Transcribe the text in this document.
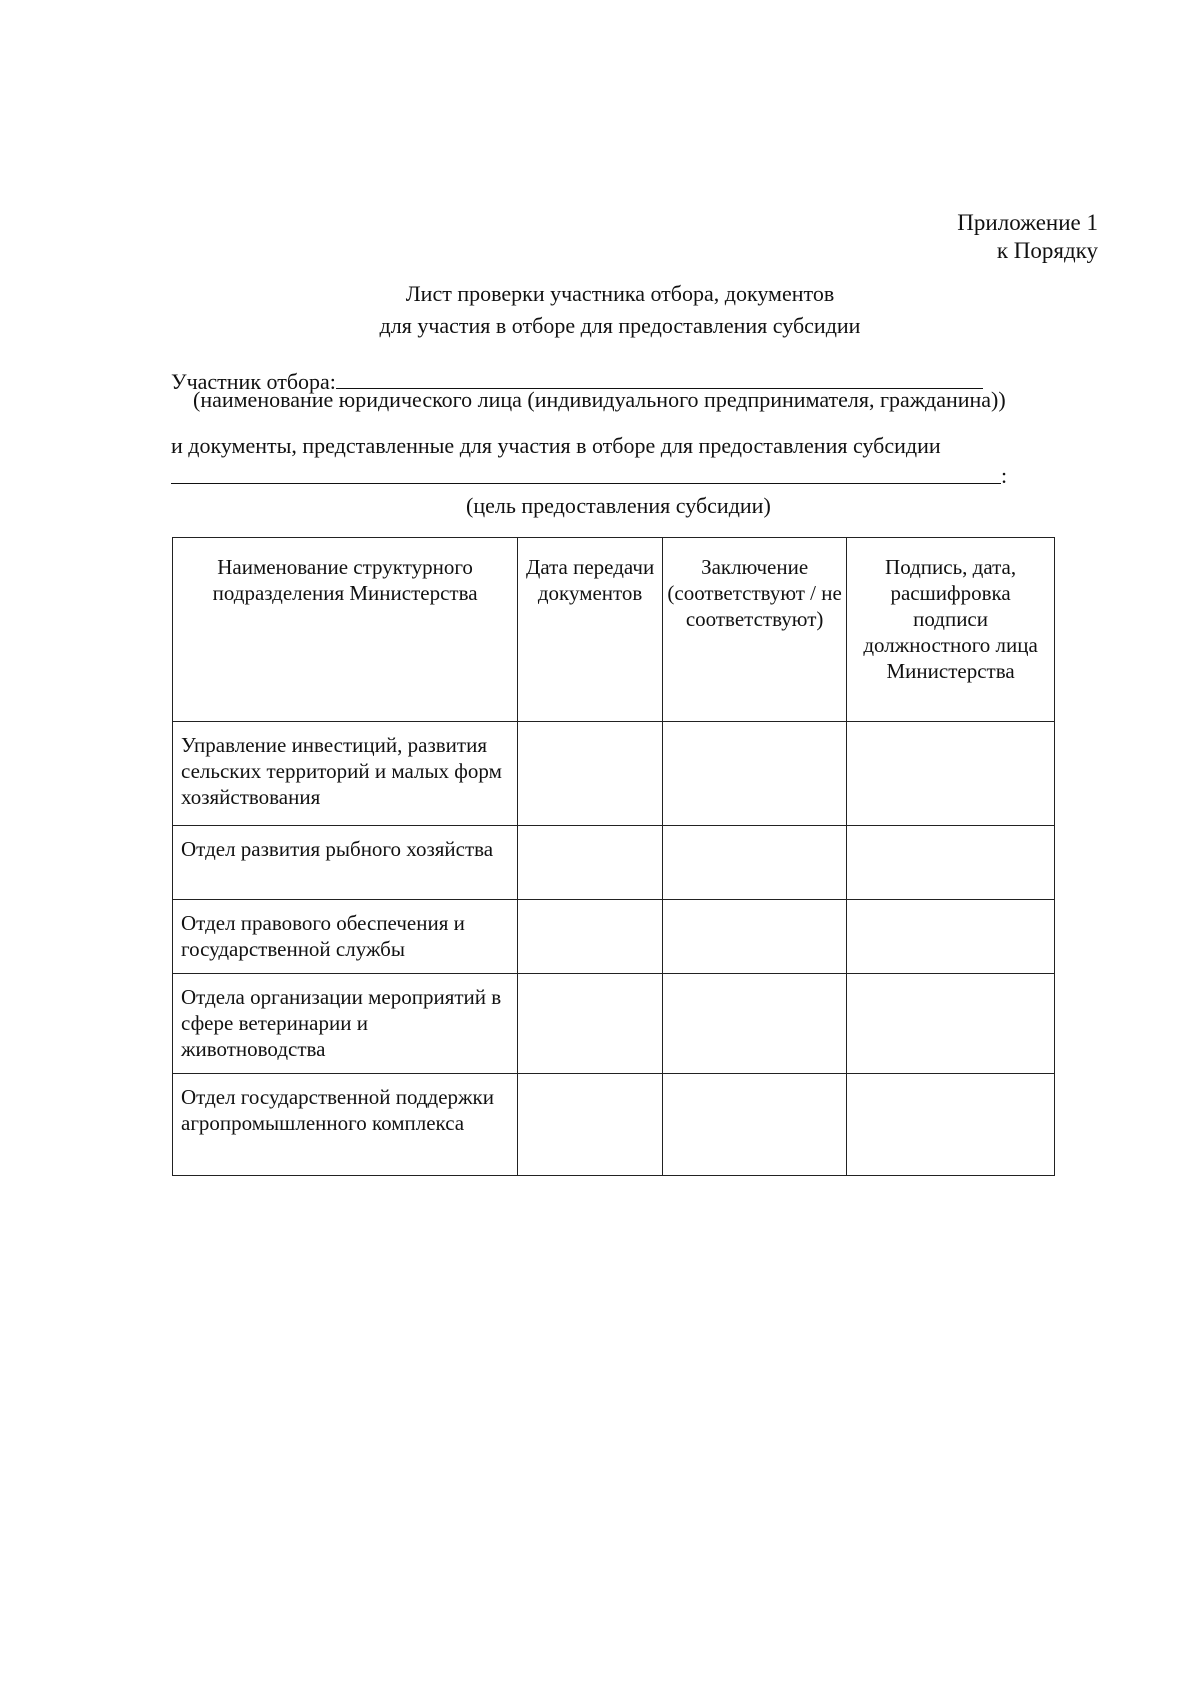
Приложение 1
к Порядку
Лист проверки участника отбора, документов
для участия в отборе для предоставления субсидии
Участник отбора:
(наименование юридического лица (индивидуального предпринимателя, гражданина))
и документы, представленные для участия в отборе для предоставления субсидии
:
(цель предоставления субсидии)
Наименование структурного подразделения Министерства	Дата передачи документов	Заключение (соответствуют / не соответствуют)	Подпись, дата, расшифровка подписи должностного лица Министерства
Управление инвестиций, развития сельских территорий и малых форм хозяйствования			
Отдел развития рыбного хозяйства			
Отдел правового обеспечения и государственной службы			
Отдела организации мероприятий в сфере ветеринарии и животноводства			
Отдел государственной поддержки агропромышленного комплекса			
